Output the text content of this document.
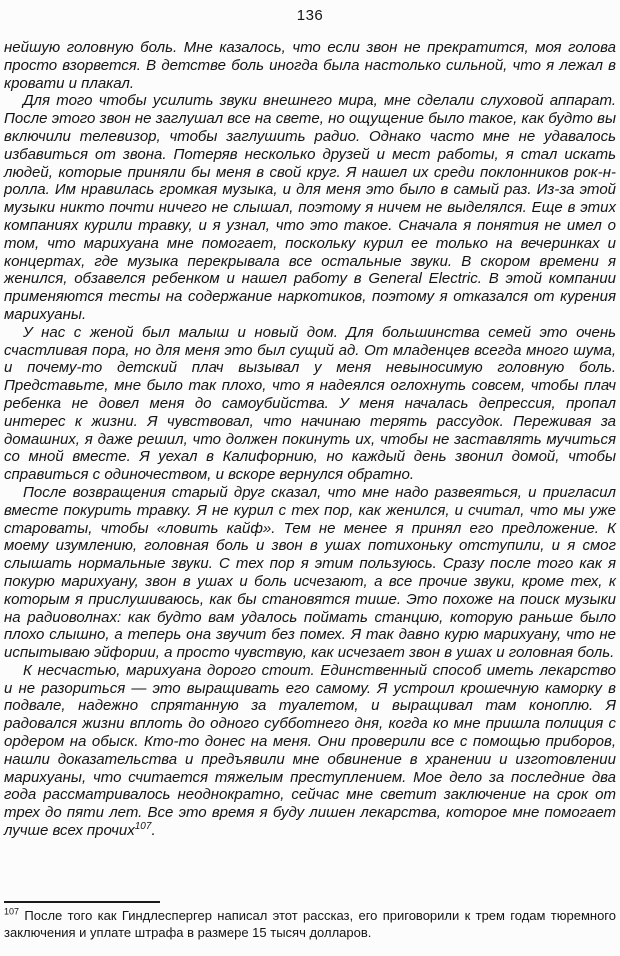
136

нейшую головную боль. Мне казалось, что если звон не прекратится, моя голова просто взорвется. В детстве боль иногда была настолько сильной, что я лежал в кровати и плакал.

Для того чтобы усилить звуки внешнего мира, мне сделали слуховой аппарат. После этого звон не заглушал все на свете, но ощущение было такое, как будто вы включили телевизор, чтобы заглушить радио. Однако часто мне не удавалось избавиться от звона. Потеряв несколько друзей и мест работы, я стал искать людей, которые приняли бы меня в свой круг. Я нашел их среди поклонников рок-н-ролла. Им нравилась громкая музыка, и для меня это было в самый раз. Из-за этой музыки никто почти ничего не слышал, поэтому я ничем не выделялся. Еще в этих компаниях курили травку, и я узнал, что это такое. Сначала я понятия не имел о том, что марихуана мне помогает, поскольку курил ее только на вечеринках и концертах, где музыка перекрывала все остальные звуки. В скором времени я женился, обзавелся ребенком и нашел работу в General Electric. В этой компании применяются тесты на содержание наркотиков, поэтому я отказался от курения марихуаны.

У нас с женой был малыш и новый дом. Для большинства семей это очень счастливая пора, но для меня это был сущий ад. От младенцев всегда много шума, и почему-то детский плач вызывал у меня невыносимую головную боль. Представьте, мне было так плохо, что я надеялся оглохнуть совсем, чтобы плач ребенка не довел меня до самоубийства. У меня началась депрессия, пропал интерес к жизни. Я чувствовал, что начинаю терять рассудок. Переживая за домашних, я даже решил, что должен покинуть их, чтобы не заставлять мучиться со мной вместе. Я уехал в Калифорнию, но каждый день звонил домой, чтобы справиться с одиночеством, и вскоре вернулся обратно.

После возвращения старый друг сказал, что мне надо развеяться, и пригласил вместе покурить травку. Я не курил с тех пор, как женился, и считал, что мы уже староваты, чтобы «ловить кайф». Тем не менее я принял его предложение. К моему изумлению, головная боль и звон в ушах потихоньку отступили, и я смог слышать нормальные звуки. С тех пор я этим пользуюсь. Сразу после того как я покурю марихуану, звон в ушах и боль исчезают, а все прочие звуки, кроме тех, к которым я прислушиваюсь, как бы становятся тише. Это похоже на поиск музыки на радиоволнах: как будто вам удалось поймать станцию, которую раньше было плохо слышно, а теперь она звучит без помех. Я так давно курю марихуану, что не испытываю эйфории, а просто чувствую, как исчезает звон в ушах и головная боль.

К несчастью, марихуана дорого стоит. Единственный способ иметь лекарство и не разориться — это выращивать его самому. Я устроил крошечную каморку в подвале, надежно спрятанную за туалетом, и выращивал там коноплю. Я радовался жизни вплоть до одного субботнего дня, когда ко мне пришла полиция с ордером на обыск. Кто-то донес на меня. Они проверили все с помощью приборов, нашли доказательства и предъявили мне обвинение в хранении и изготовлении марихуаны, что считается тяжелым преступлением. Мое дело за последние два года рассматривалось неоднократно, сейчас мне светит заключение на срок от трех до пяти лет. Все это время я буду лишен лекарства, которое мне помогает лучше всех прочих$^{107}$.

$^{107}$ После того как Гиндлеспергер написал этот рассказ, его приговорили к трем годам тюремного заключения и уплате штрафа в размере 15 тысяч долларов.
